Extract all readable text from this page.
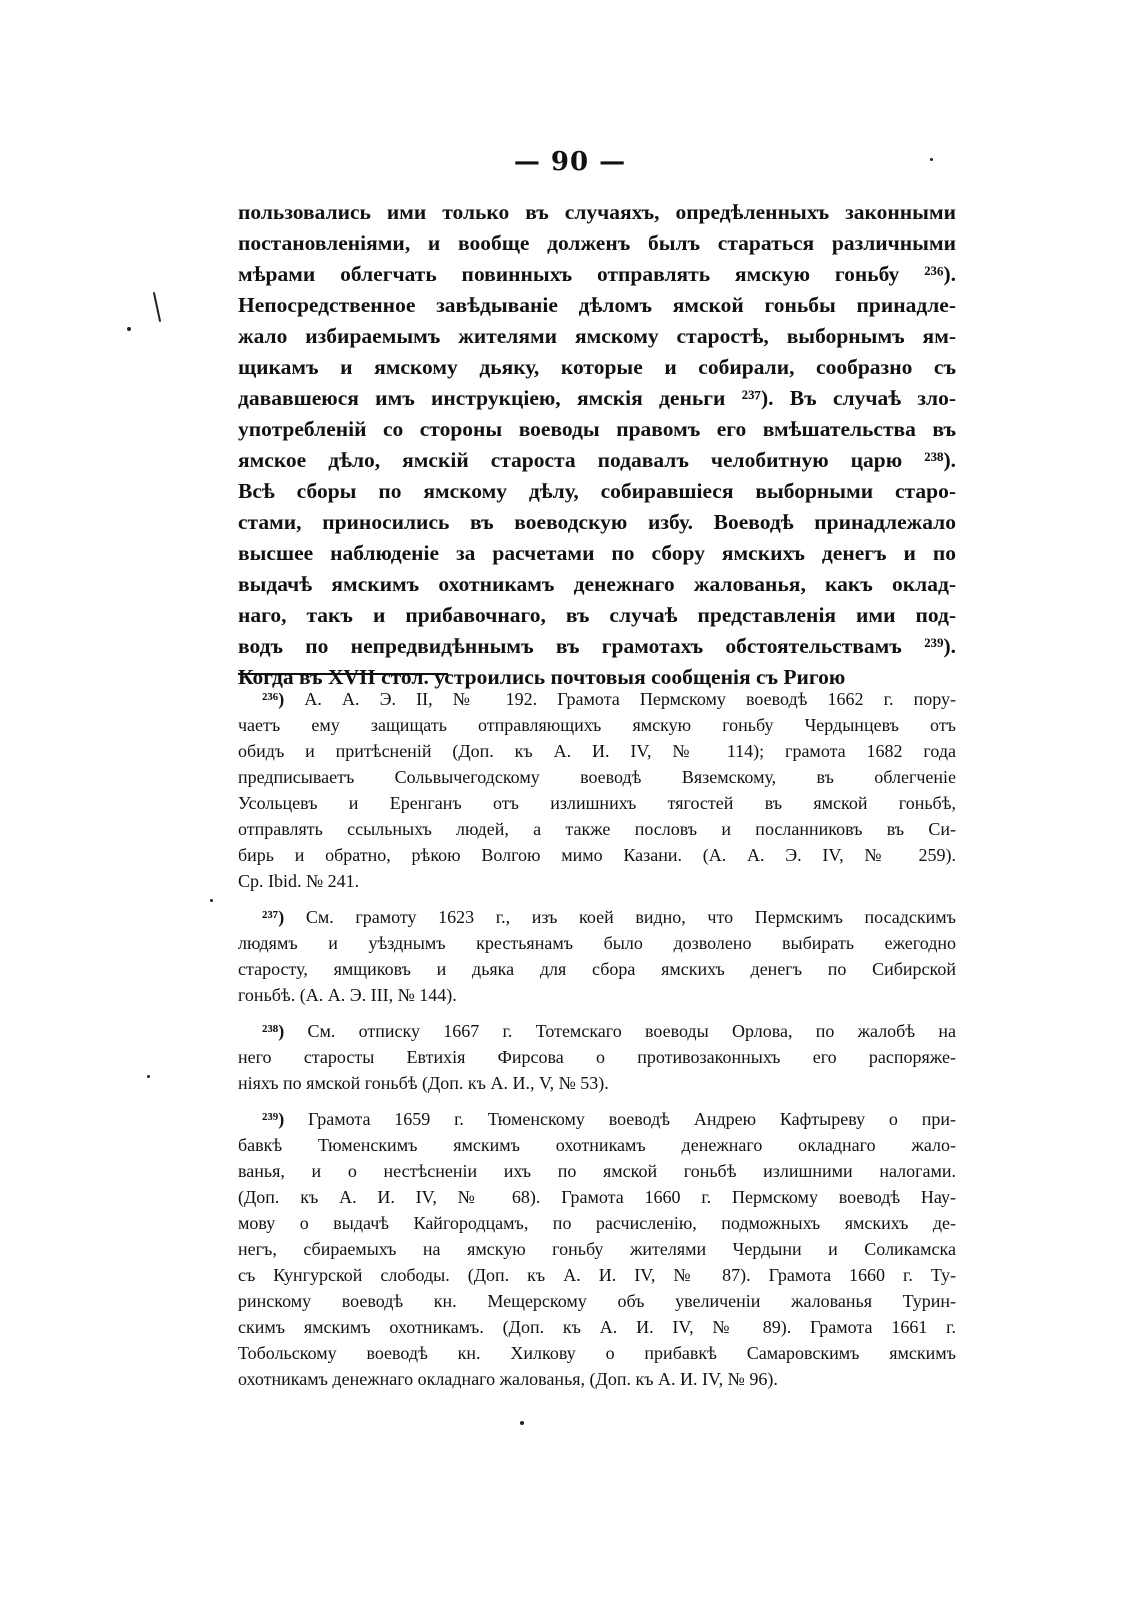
— 90 —
пользовались ими только въ случаяхъ, опредѣленныхъ законными
постановленіями, и вообще долженъ былъ стараться различными
мѣрами облегчать повинныхъ отправлять ямскую гоньбу ²³⁶).
Непосредственное завѣдываніе дѣломъ ямской гоньбы принадле-
жало избираемымъ жителями ямскому старостѣ, выборнымъ ям-
щикамъ и ямскому дьяку, которые и собирали, сообразно съ
дававшеюся имъ инструкціею, ямскія деньги ²³⁷). Въ случаѣ зло-
употребленій со стороны воеводы правомъ его вмѣшательства въ
ямское дѣло, ямскій староста подавалъ челобитную царю ²³⁸).
Всѣ сборы по ямскому дѣлу, собиравшіеся выборными старо-
стами, приносились въ воеводскую избу. Воеводѣ принадлежало
высшее наблюденіе за расчетами по сбору ямскихъ денегъ и по
выдачѣ ямскимъ охотникамъ денежнаго жалованья, какъ оклад-
наго, такъ и прибавочнаго, въ случаѣ представленія ими под-
водъ по непредвидѣннымъ въ грамотахъ обстоятельствамъ ²³⁹).
Когда въ XVII стол. устроились почтовыя сообщенія съ Ригою
²³⁶) А. А. Э. II, № 192. Грамота Пермскому воеводѣ 1662 г. пору-
чаетъ ему защищать отправляющихъ ямскую гоньбу Чердынцевъ отъ
обидъ и притѣсненій (Доп. къ А. И. IV, № 114); грамота 1682 года
предписываетъ Сольвычегодскому воеводѣ Вяземскому, въ облегченіе
Усольцевъ и Еренганъ отъ излишнихъ тягостей въ ямской гоньбѣ,
отправлять ссыльныхъ людей, а также пословъ и посланниковъ въ Си-
бирь и обратно, рѣкою Волгою мимо Казани. (А. А. Э. IV, № 259).
Ср. Ibid. № 241.
²³⁷) См. грамоту 1623 г., изъ коей видно, что Пермскимъ посадскимъ
людямъ и уѣзднымъ крестьянамъ было дозволено выбирать ежегодно
старосту, ямщиковъ и дьяка для сбора ямскихъ денегъ по Сибирской
гоньбѣ. (А. А. Э. III, № 144).
²³⁸) См. отписку 1667 г. Тотемскаго воеводы Орлова, по жалобѣ на
него старосты Евтихія Фирсова о противозаконныхъ его распоряже-
ніяхъ по ямской гоньбѣ (Доп. къ А. И., V, № 53).
²³⁹) Грамота 1659 г. Тюменскому воеводѣ Андрею Кафтыреву о при-
бавкѣ Тюменскимъ ямскимъ охотникамъ денежнаго окладнаго жало-
ванья, и о нестѣсненіи ихъ по ямской гоньбѣ излишними налогами.
(Доп. къ А. И. IV, № 68). Грамота 1660 г. Пермскому воеводѣ Нау-
мову о выдачѣ Кайгородцамъ, по расчисленію, подможныхъ ямскихъ де-
негъ, сбираемыхъ на ямскую гоньбу жителями Чердыни и Соликамска
съ Кунгурской слободы. (Доп. къ А. И. IV, № 87). Грамота 1660 г. Ту-
ринскому воеводѣ кн. Мещерскому объ увеличеніи жалованья Турин-
скимъ ямскимъ охотникамъ. (Доп. къ А. И. IV, № 89). Грамота 1661 г.
Тобольскому воеводѣ кн. Хилкову о прибавкѣ Самаровскимъ ямскимъ
охотникамъ денежнаго окладнаго жалованья, (Доп. къ А. И. IV, № 96).
